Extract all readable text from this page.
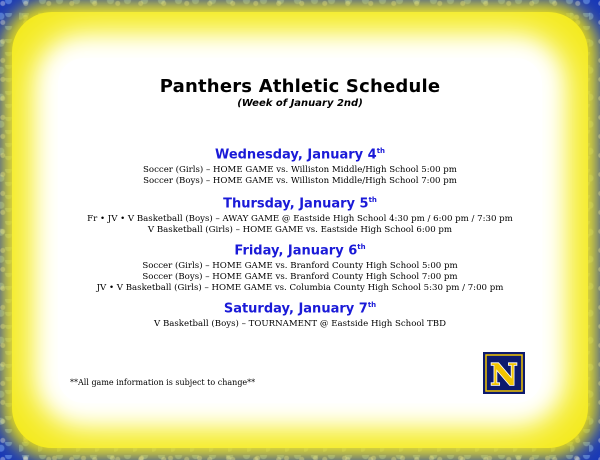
Panthers Athletic Schedule
(Week of January 2nd)
Wednesday, January 4th
Soccer (Girls) – HOME GAME vs. Williston Middle/High School 5:00 pm
Soccer (Boys) – HOME GAME vs. Williston Middle/High School 7:00 pm
Thursday, January 5th
Fr • JV • V Basketball (Boys) – AWAY GAME @ Eastside High School 4:30 pm / 6:00 pm / 7:30 pm
V Basketball (Girls) – HOME GAME vs. Eastside High School 6:00 pm
Friday, January 6th
Soccer (Girls) – HOME GAME vs. Branford County High School 5:00 pm
Soccer (Boys) – HOME GAME vs. Branford County High School 7:00 pm
JV • V Basketball (Girls) – HOME GAME vs. Columbia County High School 5:30 pm / 7:00 pm
Saturday, January 7th
V Basketball (Boys) – TOURNAMENT @ Eastside High School TBD
**All game information is subject to change**	N
